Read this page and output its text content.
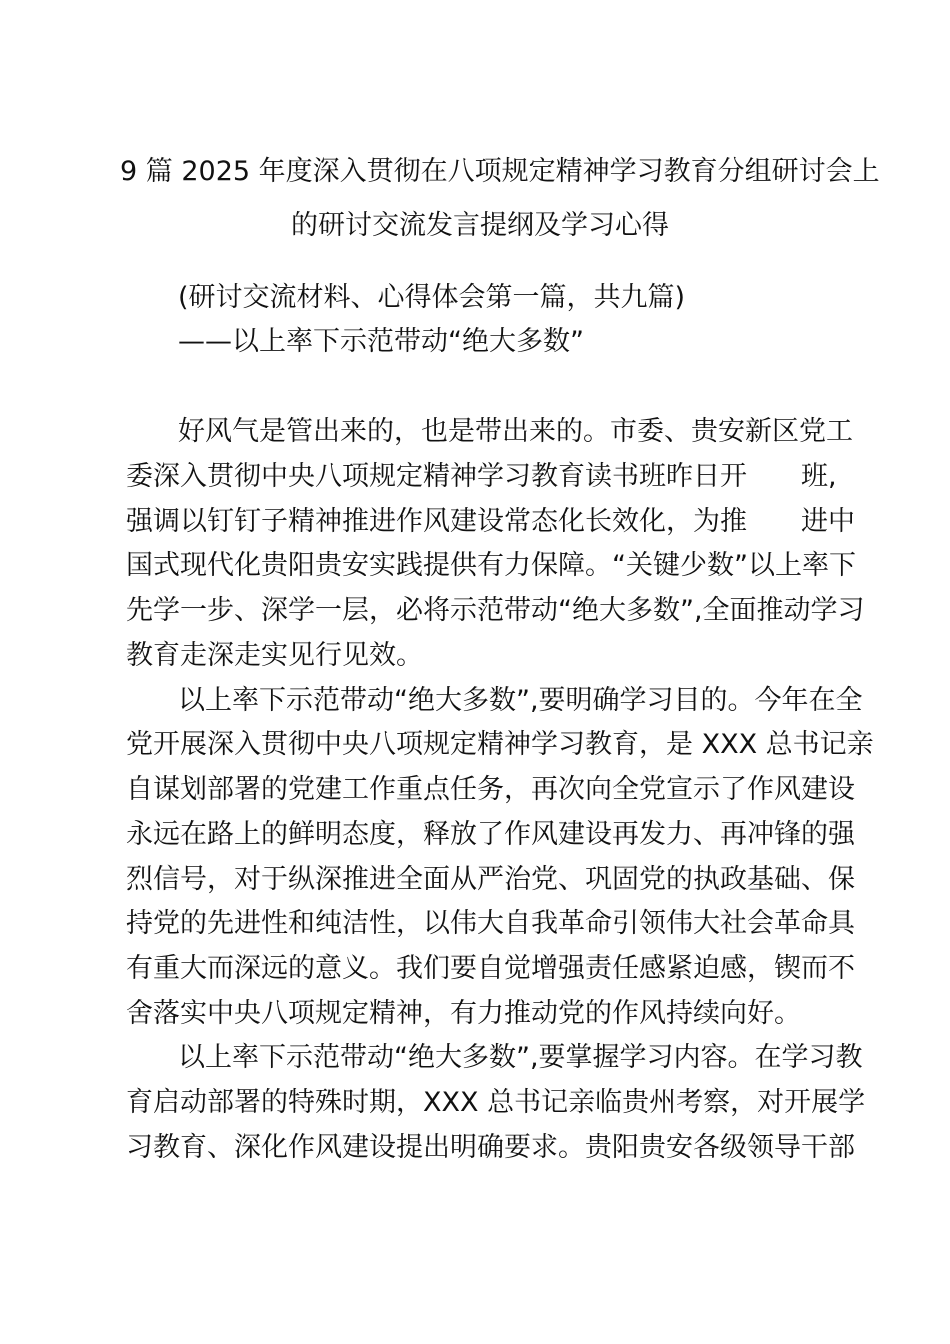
9 篇 2025 年度深入贯彻在八项规定精神学习教育分组研讨会上
的研讨交流发言提纲及学习心得
(研讨交流材料、心得体会第一篇，共九篇)
——以上率下示范带动“绝大多数”
好风气是管出来的，也是带出来的。市委、贵安新区党工
委深入贯彻中央八项规定精神学习教育读书班昨日开　　班,
强调以钉钉子精神推进作风建设常态化长效化，为推　　进中
国式现代化贵阳贵安实践提供有力保障。“关键少数”以上率下
先学一步、深学一层，必将示范带动“绝大多数”,全面推动学习
教育走深走实见行见效。
以上率下示范带动“绝大多数”,要明确学习目的。今年在全
党开展深入贯彻中央八项规定精神学习教育，是 XXX 总书记亲
自谋划部署的党建工作重点任务，再次向全党宣示了作风建设
永远在路上的鲜明态度，释放了作风建设再发力、再冲锋的强
烈信号，对于纵深推进全面从严治党、巩固党的执政基础、保
持党的先进性和纯洁性，以伟大自我革命引领伟大社会革命具
有重大而深远的意义。我们要自觉增强责任感紧迫感，锲而不
舍落实中央八项规定精神，有力推动党的作风持续向好。
以上率下示范带动“绝大多数”,要掌握学习内容。在学习教
育启动部署的特殊时期，XXX 总书记亲临贵州考察，对开展学
习教育、深化作风建设提出明确要求。贵阳贵安各级领导干部
